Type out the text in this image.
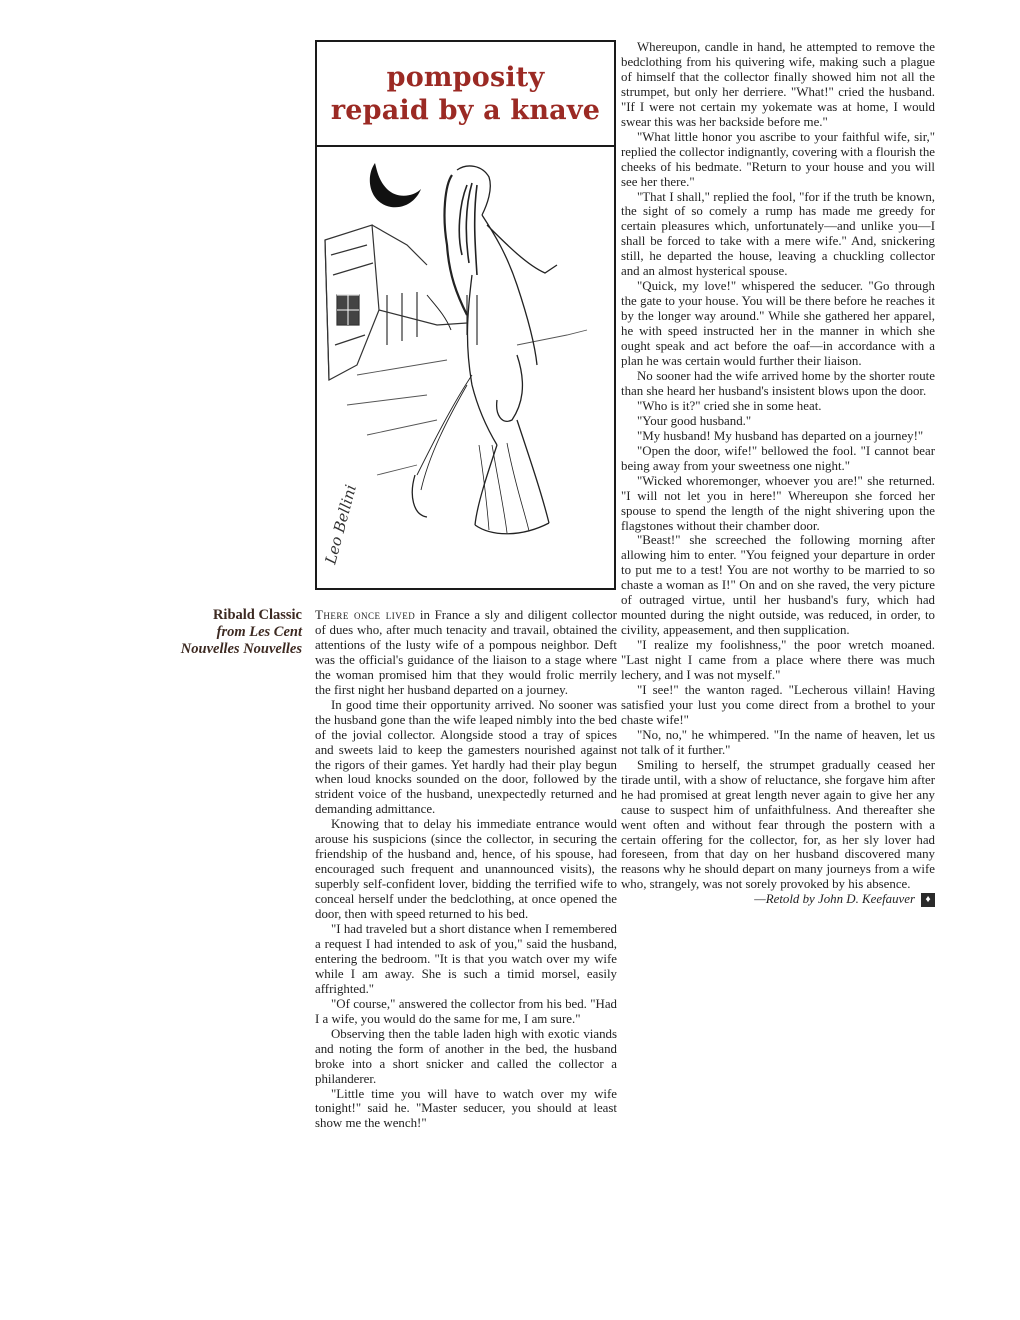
pomposity
repaid by a knave
Leo Bellini
Ribald Classic
from Les Cent
Nouvelles Nouvelles

There once lived in France a sly and diligent collector of dues who, after much tenacity and travail, obtained the attentions of the lusty wife of a pompous neighbor. Deft was the official's guidance of the liaison to a stage where the woman promised him that they would frolic merrily the first night her husband departed on a journey.

In good time their opportunity arrived. No sooner was the husband gone than the wife leaped nimbly into the bed of the jovial collector. Alongside stood a tray of spices and sweets laid to keep the gamesters nourished against the rigors of their games. Yet hardly had their play begun when loud knocks sounded on the door, followed by the strident voice of the husband, unexpectedly returned and demanding admittance.

Knowing that to delay his immediate entrance would arouse his suspicions (since the collector, in securing the friendship of the husband and, hence, of his spouse, had encouraged such frequent and unannounced visits), the superbly self-confident lover, bidding the terrified wife to conceal herself under the bedclothing, at once opened the door, then with speed returned to his bed.

"I had traveled but a short distance when I remembered a request I had intended to ask of you," said the husband, entering the bedroom. "It is that you watch over my wife while I am away. She is such a timid morsel, easily affrighted."

"Of course," answered the collector from his bed. "Had I a wife, you would do the same for me, I am sure."

Observing then the table laden high with exotic viands and noting the form of another in the bed, the husband broke into a short snicker and called the collector a philanderer.

"Little time you will have to watch over my wife tonight!" said he. "Master seducer, you should at least show me the wench!"

Whereupon, candle in hand, he attempted to remove the bedclothing from his quivering wife, making such a plague of himself that the collector finally showed him not all the strumpet, but only her derriere. "What!" cried the husband. "If I were not certain my yokemate was at home, I would swear this was her backside before me."

"What little honor you ascribe to your faithful wife, sir," replied the collector indignantly, covering with a flourish the cheeks of his bedmate. "Return to your house and you will see her there."

"That I shall," replied the fool, "for if the truth be known, the sight of so comely a rump has made me greedy for certain pleasures which, unfortunately—and unlike you—I shall be forced to take with a mere wife." And, snickering still, he departed the house, leaving a chuckling collector and an almost hysterical spouse.

"Quick, my love!" whispered the seducer. "Go through the gate to your house. You will be there before he reaches it by the longer way around." While she gathered her apparel, he with speed instructed her in the manner in which she ought speak and act before the oaf—in accordance with a plan he was certain would further their liaison.

No sooner had the wife arrived home by the shorter route than she heard her husband's insistent blows upon the door.

"Who is it?" cried she in some heat.

"Your good husband."

"My husband! My husband has departed on a journey!"

"Open the door, wife!" bellowed the fool. "I cannot bear being away from your sweetness one night."

"Wicked whoremonger, whoever you are!" she returned. "I will not let you in here!" Whereupon she forced her spouse to spend the length of the night shivering upon the flagstones without their chamber door.

"Beast!" she screeched the following morning after allowing him to enter. "You feigned your departure in order to put me to a test! You are not worthy to be married to so chaste a woman as I!" On and on she raved, the very picture of outraged virtue, until her husband's fury, which had mounted during the night outside, was reduced, in order, to civility, appeasement, and then supplication.

"I realize my foolishness," the poor wretch moaned. "Last night I came from a place where there was much lechery, and I was not myself."

"I see!" the wanton raged. "Lecherous villain! Having satisfied your lust you come direct from a brothel to your chaste wife!"

"No, no," he whimpered. "In the name of heaven, let us not talk of it further."

Smiling to herself, the strumpet gradually ceased her tirade until, with a show of reluctance, she forgave him after he had promised at great length never again to give her any cause to suspect him of unfaithfulness. And thereafter she went often and without fear through the postern with a certain offering for the collector, for, as her sly lover had foreseen, from that day on her husband discovered many reasons why he should depart on many journeys from a wife who, strangely, was not sorely provoked by his absence.

—Retold by John D. Keefauver ♦
